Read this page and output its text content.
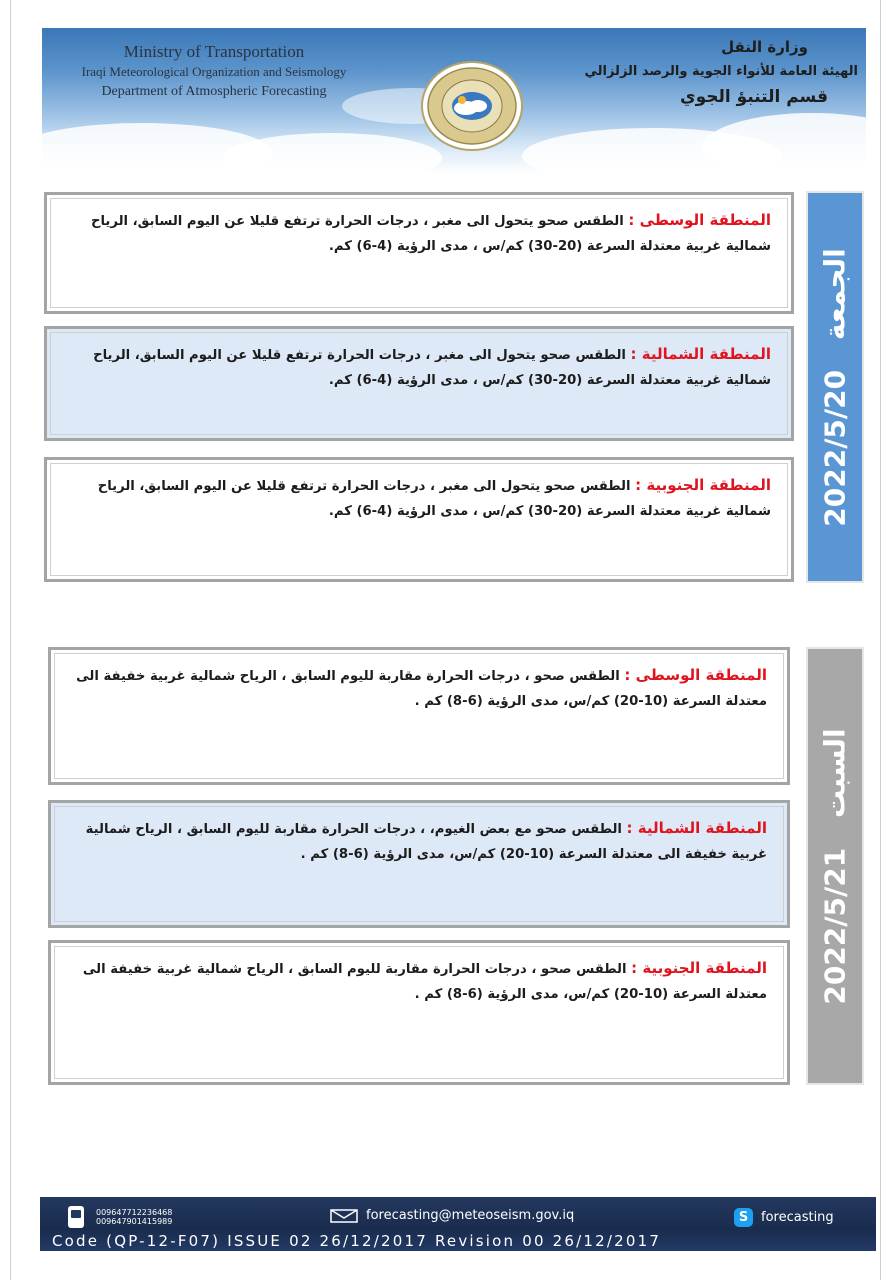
Ministry of Transportation
Iraqi Meteorological Organization and Seismology
Department of Atmospheric Forecasting
وزارة النقل
الهيئة العامة للأنواء الجوية والرصد الزلزالي
قسم التنبؤ الجوي
2022/5/20 الجمعة
المنطقة الوسطى : الطقس صحو يتحول الى مغبر ، درجات الحرارة ترتفع قليلا عن اليوم السابق، الرياح شمالية غربية معتدلة السرعة (20-30) كم/س ، مدى الرؤية (4-6) كم.
المنطقة الشمالية : الطقس صحو يتحول الى مغبر ، درجات الحرارة ترتفع قليلا عن اليوم السابق، الرياح شمالية غربية معتدلة السرعة (20-30) كم/س ، مدى الرؤية (4-6) كم.
المنطقة الجنوبية : الطقس صحو يتحول الى مغبر ، درجات الحرارة ترتفع قليلا عن اليوم السابق، الرياح شمالية غربية معتدلة السرعة (20-30) كم/س ، مدى الرؤية (4-6) كم.
2022/5/21 السبت
المنطقة الوسطى : الطقس صحو ، درجات الحرارة مقاربة لليوم السابق ، الرياح شمالية غربية خفيفة الى معتدلة السرعة (10-20) كم/س، مدى الرؤية (6-8) كم .
المنطقة الشمالية : الطقس صحو مع بعض الغيوم، ، درجات الحرارة مقاربة لليوم السابق ، الرياح شمالية غربية خفيفة الى معتدلة السرعة (10-20) كم/س، مدى الرؤية (6-8) كم .
المنطقة الجنوبية : الطقس صحو ، درجات الحرارة مقاربة لليوم السابق ، الرياح شمالية غربية خفيفة الى معتدلة السرعة (10-20) كم/س، مدى الرؤية (6-8) كم .
009647712236468
009647901415989	forecasting@meteoseism.gov.iq	S forecasting
Code (QP-12-F07) ISSUE 02 26/12/2017 Revision 00 26/12/2017
